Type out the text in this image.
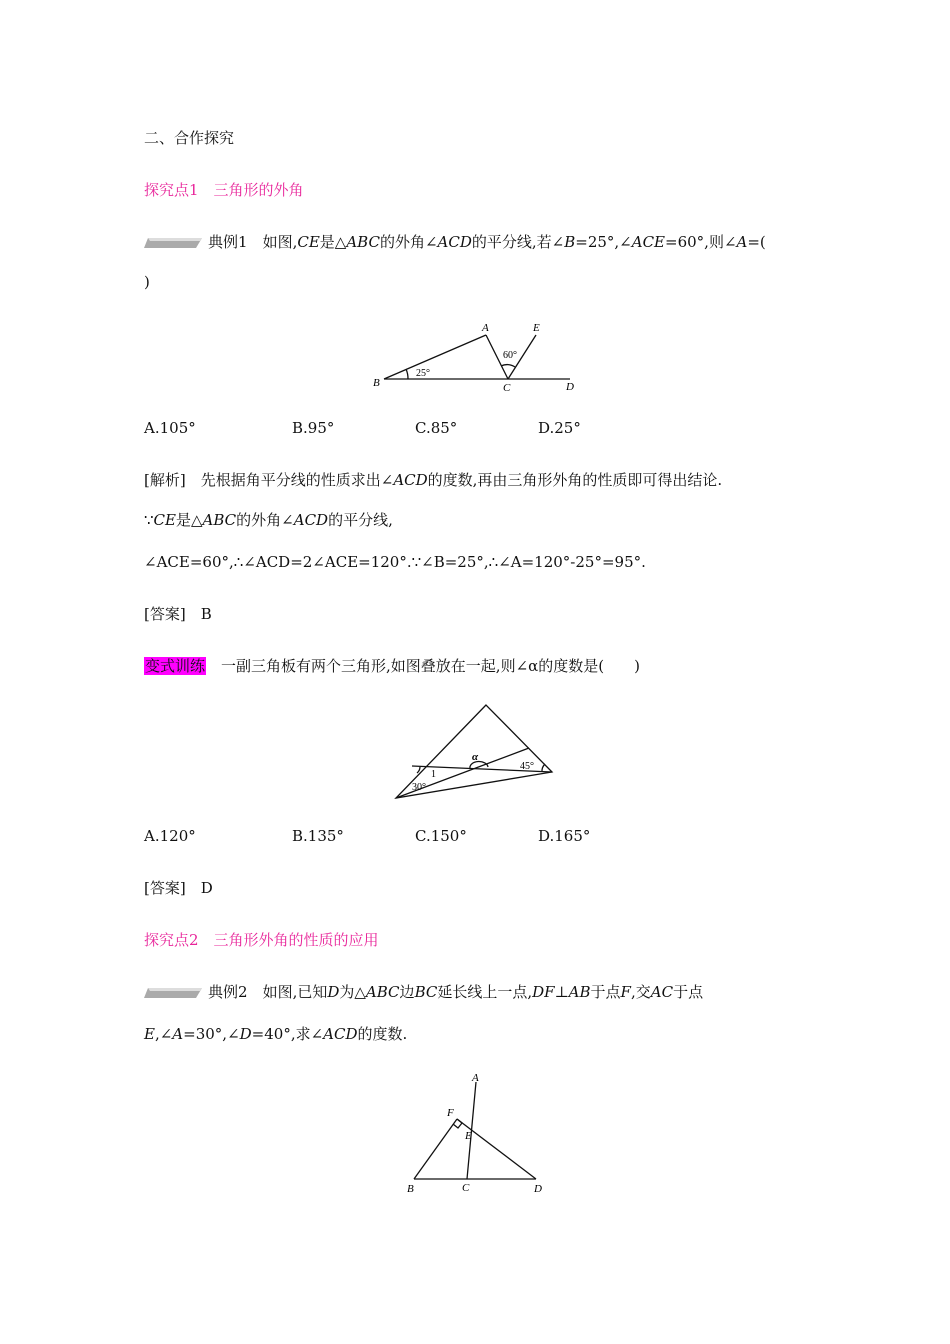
二、合作探究
探究点1　三角形的外角
典例1　 如图,CE是△ABC的外角∠ACD的平分线,若∠B=25°,∠ACE=60°,则∠A=(
)
A
B	C	D
E
25°
60°
A.105°	B.95°	C.85°	D.25°
[解析]　 先根据角平分线的性质求出∠ACD的度数,再由三角形外角的性质即可得出结论.
∵CE是△ABC的外角∠ACD的平分线,
∠ACE=60°,∴∠ACD=2∠ACE=120°.∵∠B=25°,∴∠A=120°-25°=95°.
[答案]　 B
变式训练　 一副三角板有两个三角形,如图叠放在一起,则∠α的度数是(　　)
α
30°
1
45°
A.120°	B.135°	C.150°	D.165°
[答案]　 D
探究点2　三角形外角的性质的应用
典例2　 如图,已知D为△ABC边BC延长线上一点,DF⊥AB于点F,交AC于点
E,∠A=30°,∠D=40°,求∠ACD的度数.
A
B	C	D
E
F
